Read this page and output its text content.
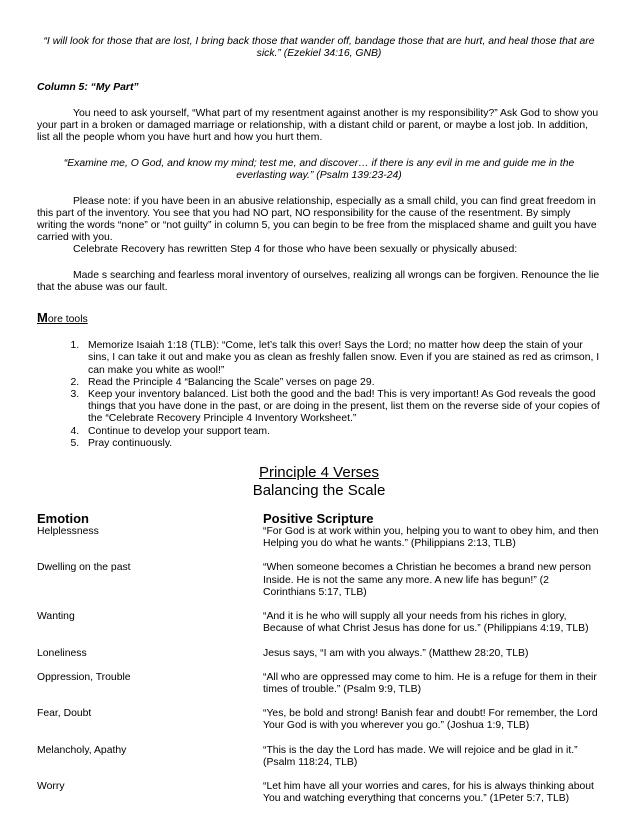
“I will look for those that are lost, I bring back those that wander off, bandage those that are hurt, and heal those that are sick.” (Ezekiel 34:16, GNB)

Column 5: “My Part”

You need to ask yourself, “What part of my resentment against another is my responsibility?” Ask God to show you your part in a broken or damaged marriage or relationship, with a distant child or parent, or maybe a lost job. In addition, list all the people whom you have hurt and how you hurt them.

“Examine me, O God, and know my mind; test me, and discover… if there is any evil in me and guide me in the everlasting way.” (Psalm 139:23-24)

Please note: if you have been in an abusive relationship, especially as a small child, you can find great freedom in this part of the inventory. You see that you had NO part, NO responsibility for the cause of the resentment. By simply writing the words “none” or “not guilty” in column 5, you can begin to be free from the misplaced shame and guilt you have carried with you.

Celebrate Recovery has rewritten Step 4 for those who have been sexually or physically abused:

Made s searching and fearless moral inventory of ourselves, realizing all wrongs can be forgiven. Renounce the lie that the abuse was our fault.

More tools

1. Memorize Isaiah 1:18 (TLB): “Come, let’s talk this over! Says the Lord; no matter how deep the stain of your sins, I can take it out and make you as clean as freshly fallen snow. Even if you are stained as red as crimson, I can make you white as wool!”
2. Read the Principle 4 “Balancing the Scale” verses on page 29.
3. Keep your inventory balanced. List both the good and the bad! This is very important! As God reveals the good things that you have done in the past, or are doing in the present, list them on the reverse side of your copies of the “Celebrate Recovery Principle 4 Inventory Worksheet.”
4. Continue to develop your support team.
5. Pray continuously.
Principle 4 Verses
Balancing the Scale
Emotion	Positive Scripture
Helplessness	“For God is at work within you, helping you to want to obey him, and then Helping you do what he wants.” (Philippians 2:13, TLB)
Dwelling on the past	“When someone becomes a Christian he becomes a brand new person Inside. He is not the same any more. A new life has begun!” (2 Corinthians 5:17, TLB)
Wanting	“And it is he who will supply all your needs from his riches in glory, Because of what Christ Jesus has done for us.” (Philippians 4:19, TLB)
Loneliness	Jesus says, “I am with you always.” (Matthew 28:20, TLB)
Oppression, Trouble	“All who are oppressed may come to him. He is a refuge for them in their times of trouble.” (Psalm 9:9, TLB)
Fear, Doubt	“Yes, be bold and strong! Banish fear and doubt! For remember, the Lord Your God is with you wherever you go.” (Joshua 1:9, TLB)
Melancholy, Apathy	“This is the day the Lord has made. We will rejoice and be glad in it.” (Psalm 118:24, TLB)
Worry	“Let him have all your worries and cares, for his is always thinking about You and watching everything that concerns you.” (1Peter 5:7, TLB)
